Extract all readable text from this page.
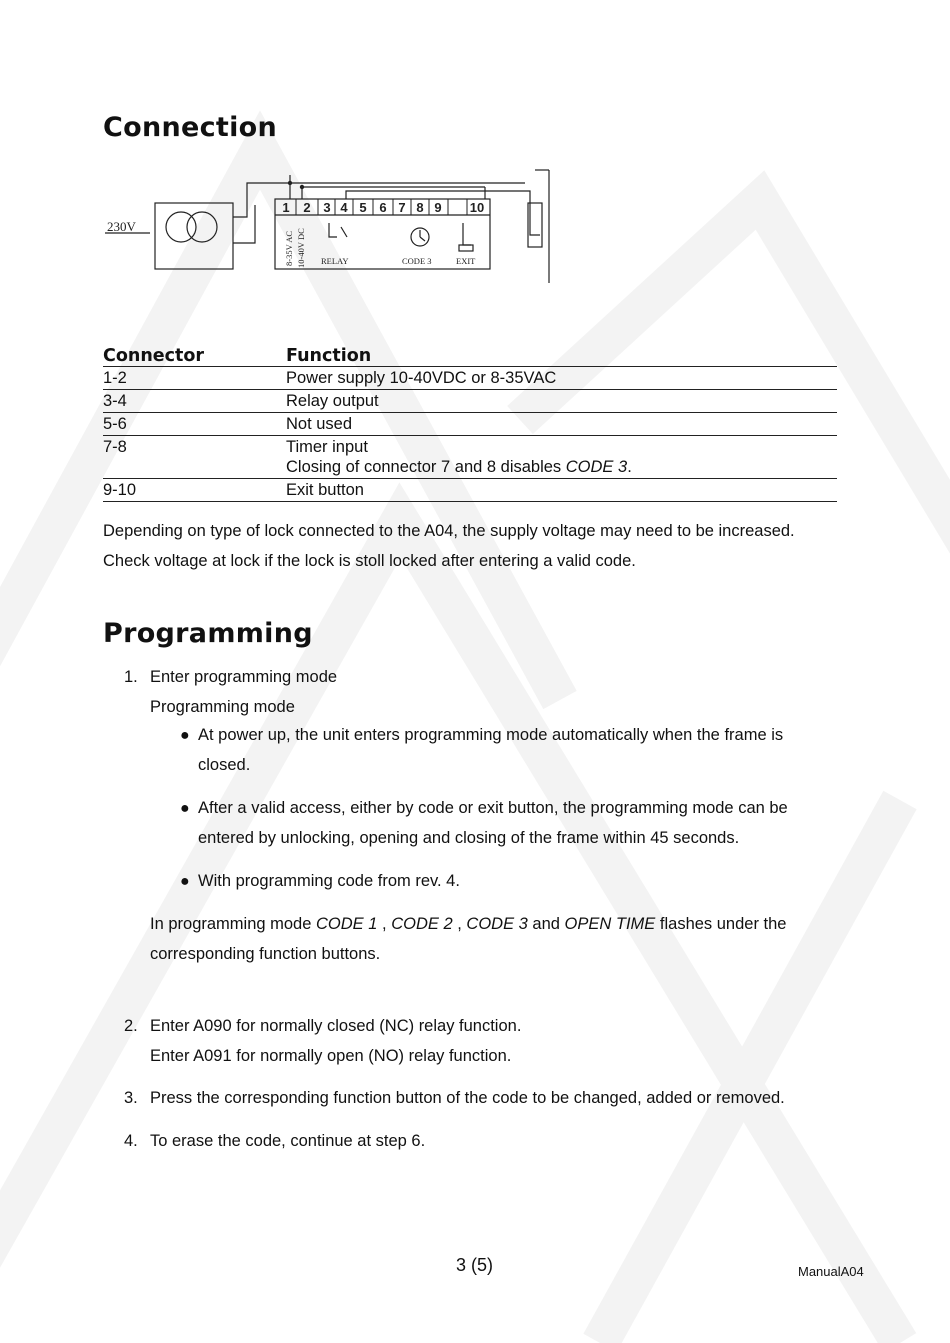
Connection
230V
1 2 3 4 5 6 7 8 9 10
8-35V AC 10-40V DC RELAY	CODE 3	EXIT
Connector	Function
1-2	Power supply 10-40VDC or 8-35VAC
3-4	Relay output
5-6	Not used
7-8	Timer input
Closing of connector 7 and 8 disables CODE 3.

9-10	Exit button
Depending on type of lock connected to the A04, the supply voltage may need to be increased.
Check voltage at lock if the lock is stoll locked after entering a valid code.
Programming
1. Enter programming mode
Programming mode
● At power up, the unit enters programming mode automatically when the frame is
closed.
● After a valid access, either by code or exit button, the programming mode can be
entered by unlocking, opening and closing of the frame within 45 seconds.
● With programming code from rev. 4.
In programming mode CODE 1 , CODE 2 , CODE 3 and OPEN TIME flashes under the
corresponding function buttons.
2. Enter A090 for normally closed (NC) relay function.
Enter A091 for normally open (NO) relay function.
3. Press the corresponding function button of the code to be changed, added or removed.
4. To erase the code, continue at step 6.
3 (5)	ManualA04
